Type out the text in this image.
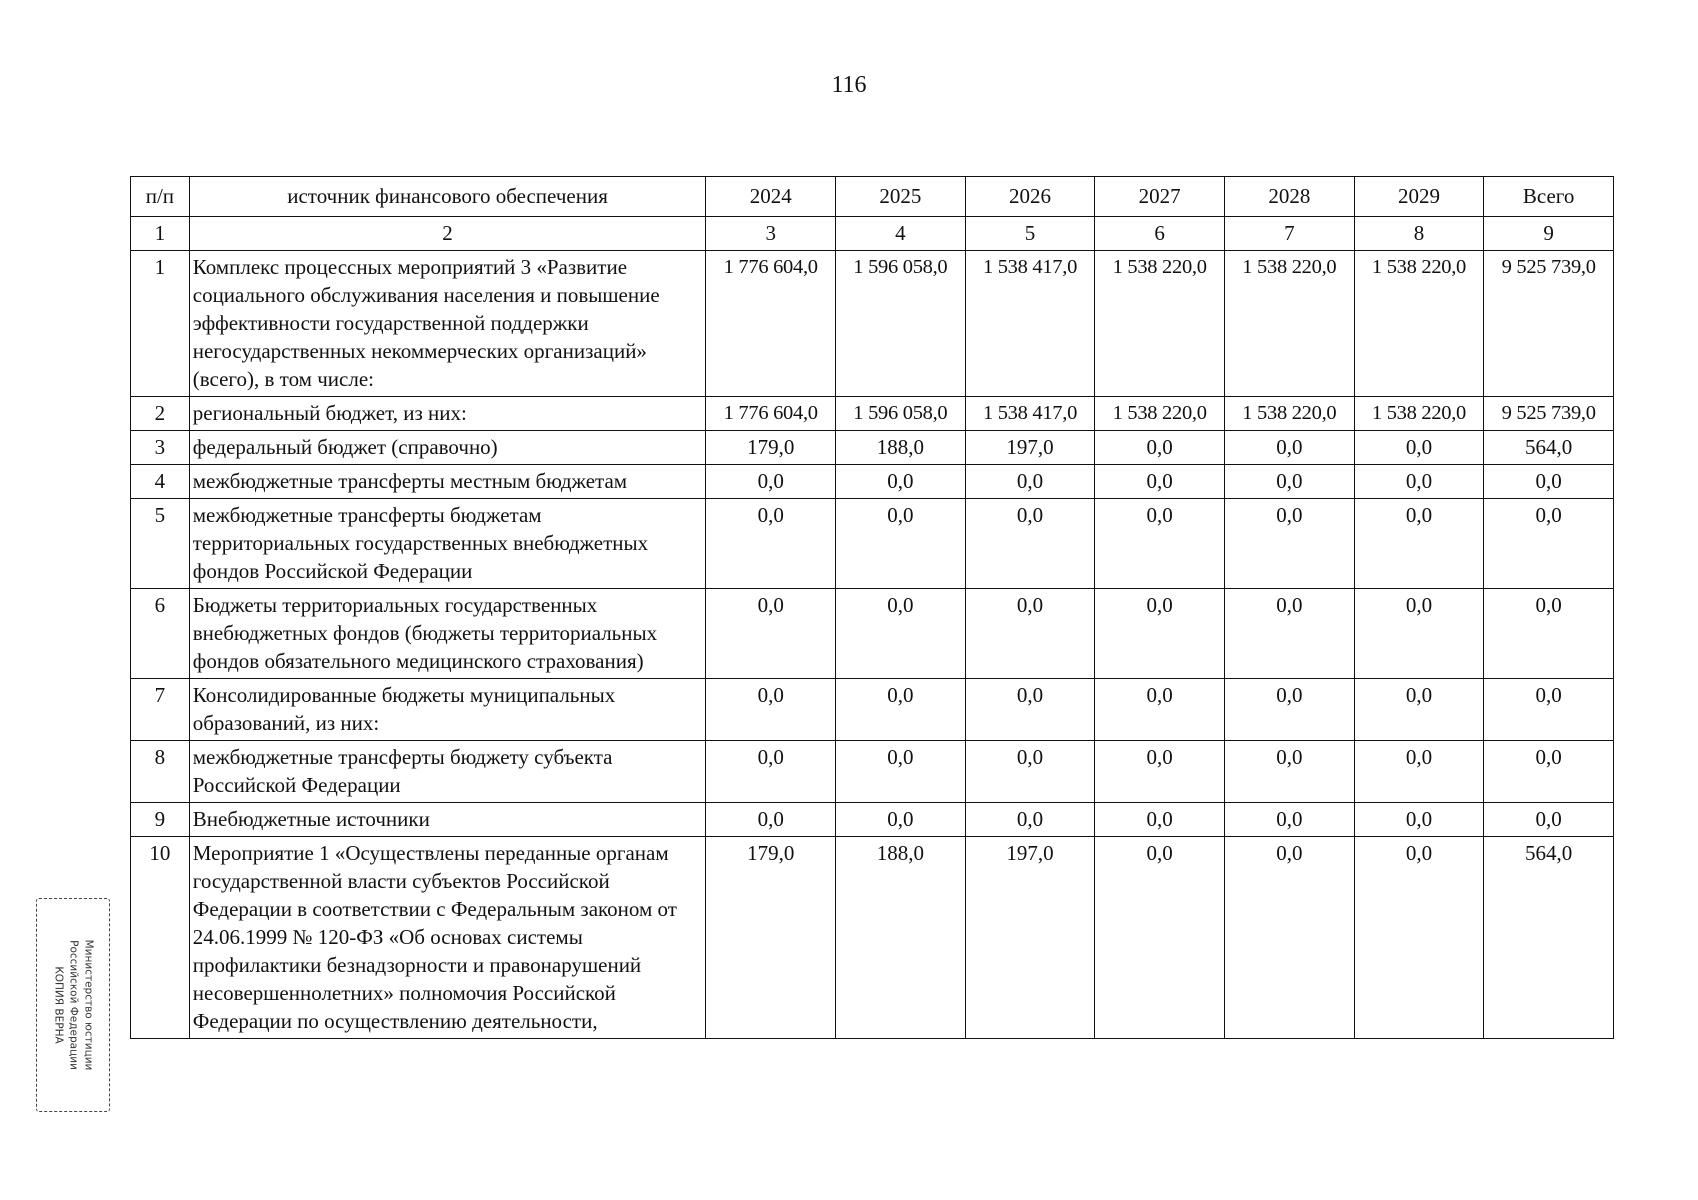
116
п/п	источник финансового обеспечения	2024	2025	2026	2027	2028	2029	Всего
1	2	3	4	5	6	7	8	9
1	Комплекс процессных мероприятий 3 «Развитие социального обслуживания населения и повышение эффективности государственной поддержки негосударственных некоммерческих организаций» (всего), в том числе:	1 776 604,0	1 596 058,0	1 538 417,0	1 538 220,0	1 538 220,0	1 538 220,0	9 525 739,0
2	региональный бюджет, из них:	1 776 604,0	1 596 058,0	1 538 417,0	1 538 220,0	1 538 220,0	1 538 220,0	9 525 739,0
3	федеральный бюджет (справочно)	179,0	188,0	197,0	0,0	0,0	0,0	564,0
4	межбюджетные трансферты местным бюджетам	0,0	0,0	0,0	0,0	0,0	0,0	0,0
5	межбюджетные трансферты бюджетам территориальных государственных внебюджетных фондов Российской Федерации	0,0	0,0	0,0	0,0	0,0	0,0	0,0
6	Бюджеты территориальных государственных внебюджетных фондов (бюджеты территориальных фондов обязательного медицинского страхования)	0,0	0,0	0,0	0,0	0,0	0,0	0,0
7	Консолидированные бюджеты муниципальных образований, из них:	0,0	0,0	0,0	0,0	0,0	0,0	0,0
8	межбюджетные трансферты бюджету субъекта Российской Федерации	0,0	0,0	0,0	0,0	0,0	0,0	0,0
9	Внебюджетные источники	0,0	0,0	0,0	0,0	0,0	0,0	0,0
10	Мероприятие 1 «Осуществлены переданные органам государственной власти субъектов Российской Федерации в соответствии с Федеральным законом от 24.06.1999 № 120-ФЗ «Об основах системы профилактики безнадзорности и правонарушений несовершеннолетних» полномочия Российской Федерации по осуществлению деятельности,	179,0	188,0	197,0	0,0	0,0	0,0	564,0
Министерство юстиции
Российской Федерации
КОПИЯ ВЕРНА
